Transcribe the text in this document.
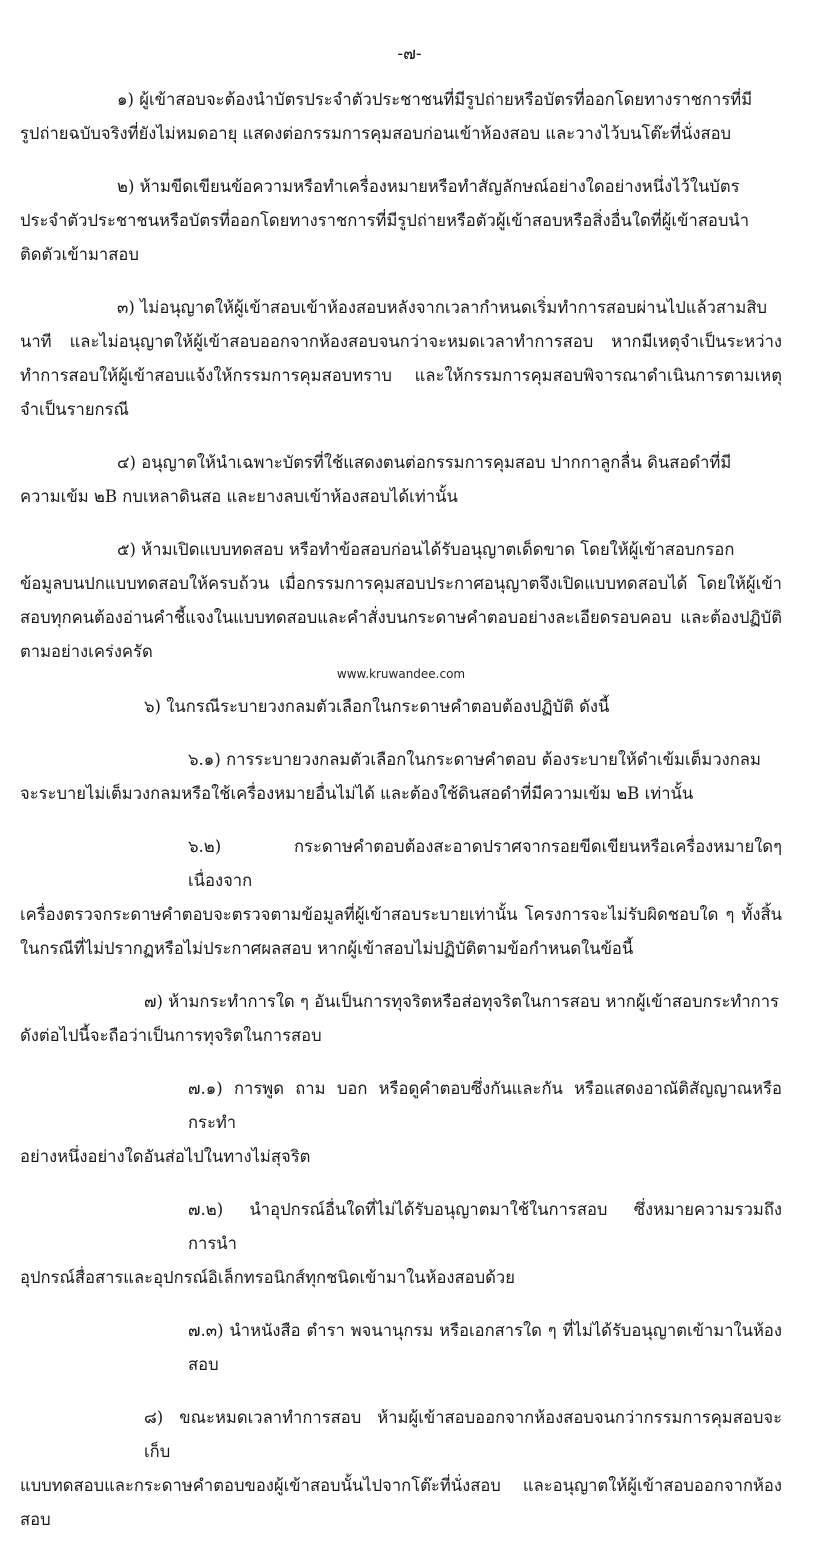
-๗-

๑) ผู้เข้าสอบจะต้องนำบัตรประจำตัวประชาชนที่มีรูปถ่ายหรือบัตรที่ออกโดยทางราชการที่มี
รูปถ่ายฉบับจริงที่ยังไม่หมดอายุ แสดงต่อกรรมการคุมสอบก่อนเข้าห้องสอบ และวางไว้บนโต๊ะที่นั่งสอบ

๒) ห้ามขีดเขียนข้อความหรือทำเครื่องหมายหรือทำสัญลักษณ์อย่างใดอย่างหนึ่งไว้ในบัตร
ประจำตัวประชาชนหรือบัตรที่ออกโดยทางราชการที่มีรูปถ่ายหรือตัวผู้เข้าสอบหรือสิ่งอื่นใดที่ผู้เข้าสอบนำติดตัวเข้ามาสอบ

๓) ไม่อนุญาตให้ผู้เข้าสอบเข้าห้องสอบหลังจากเวลากำหนดเริ่มทำการสอบผ่านไปแล้วสามสิบ
นาที และไม่อนุญาตให้ผู้เข้าสอบออกจากห้องสอบจนกว่าจะหมดเวลาทำการสอบ หากมีเหตุจำเป็นระหว่างทำการสอบให้ผู้เข้าสอบแจ้งให้กรรมการคุมสอบทราบ และให้กรรมการคุมสอบพิจารณาดำเนินการตามเหตุจำเป็นรายกรณี

๔) อนุญาตให้นำเฉพาะบัตรที่ใช้แสดงตนต่อกรรมการคุมสอบ ปากกาลูกลื่น ดินสอดำที่มี
ความเข้ม ๒B กบเหลาดินสอ และยางลบเข้าห้องสอบได้เท่านั้น

๕) ห้ามเปิดแบบทดสอบ หรือทำข้อสอบก่อนได้รับอนุญาตเด็ดขาด โดยให้ผู้เข้าสอบกรอก
ข้อมูลบนปกแบบทดสอบให้ครบถ้วน เมื่อกรรมการคุมสอบประกาศอนุญาตจึงเปิดแบบทดสอบได้ โดยให้ผู้เข้าสอบทุกคนต้องอ่านคำชี้แจงในแบบทดสอบและคำสั่งบนกระดาษคำตอบอย่างละเอียดรอบคอบ และต้องปฏิบัติตามอย่างเคร่งครัด

www.kruwandee.com

๖) ในกรณีระบายวงกลมตัวเลือกในกระดาษคำตอบต้องปฏิบัติ ดังนี้

๖.๑) การระบายวงกลมตัวเลือกในกระดาษคำตอบ ต้องระบายให้ดำเข้มเต็มวงกลม
จะระบายไม่เต็มวงกลมหรือใช้เครื่องหมายอื่นไม่ได้ และต้องใช้ดินสอดำที่มีความเข้ม ๒B เท่านั้น

๖.๒) กระดาษคำตอบต้องสะอาดปราศจากรอยขีดเขียนหรือเครื่องหมายใดๆ เนื่องจาก
เครื่องตรวจกระดาษคำตอบจะตรวจตามข้อมูลที่ผู้เข้าสอบระบายเท่านั้น โครงการจะไม่รับผิดชอบใด ๆ ทั้งสิ้นในกรณีที่ไม่ปรากฏหรือไม่ประกาศผลสอบ หากผู้เข้าสอบไม่ปฏิบัติตามข้อกำหนดในข้อนี้

๗) ห้ามกระทำการใด ๆ อันเป็นการทุจริตหรือส่อทุจริตในการสอบ หากผู้เข้าสอบกระทำการ
ดังต่อไปนี้จะถือว่าเป็นการทุจริตในการสอบ

๗.๑) การพูด ถาม บอก หรือดูคำตอบซึ่งกันและกัน หรือแสดงอาณัติสัญญาณหรือกระทำ
อย่างหนึ่งอย่างใดอันส่อไปในทางไม่สุจริต

๗.๒) นำอุปกรณ์อื่นใดที่ไม่ได้รับอนุญาตมาใช้ในการสอบ ซึ่งหมายความรวมถึงการนำ
อุปกรณ์สื่อสารและอุปกรณ์อิเล็กทรอนิกส์ทุกชนิดเข้ามาในห้องสอบด้วย

๗.๓) นำหนังสือ ตำรา พจนานุกรม หรือเอกสารใด ๆ ที่ไม่ได้รับอนุญาตเข้ามาในห้องสอบ

๘) ขณะหมดเวลาทำการสอบ ห้ามผู้เข้าสอบออกจากห้องสอบจนกว่ากรรมการคุมสอบจะเก็บ
แบบทดสอบและกระดาษคำตอบของผู้เข้าสอบนั้นไปจากโต๊ะที่นั่งสอบ และอนุญาตให้ผู้เข้าสอบออกจากห้องสอบ
